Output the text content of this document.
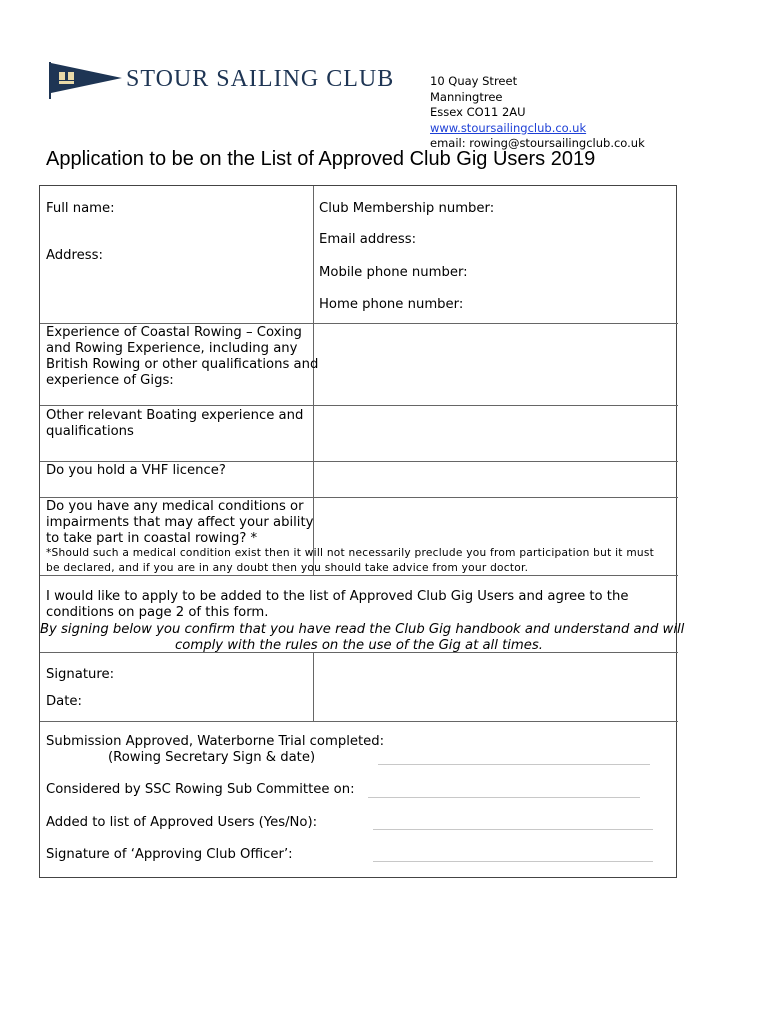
STOUR SAILING CLUB	10 Quay Street
Manningtree
Essex CO11 2AU
www.stoursailingclub.co.uk
email: rowing@stoursailingclub.co.uk
Application to be on the List of Approved Club Gig Users 2019
Full name:
Address:
Club Membership number:
Email address:
Mobile phone number:
Home phone number:
Experience of Coastal Rowing – Coxing
and Rowing Experience, including any
British Rowing or other qualifications and
experience of Gigs:
Other relevant Boating experience and
qualifications
Do you hold a VHF licence?
Do you have any medical conditions or
impairments that may affect your ability
to take part in coastal rowing? *
*Should such a medical condition exist then it will not necessarily preclude you from participation but it must
be declared, and if you are in any doubt then you should take advice from your doctor.
I would like to apply to be added to the list of Approved Club Gig Users and agree to the
conditions on page 2 of this form.
By signing below you confirm that you have read the Club Gig handbook and understand and will
comply with the rules on the use of the Gig at all times.
Signature:
Date:
Submission Approved, Waterborne Trial completed:
(Rowing Secretary Sign & date)
Considered by SSC Rowing Sub Committee on:
Added to list of Approved Users (Yes/No):
Signature of ‘Approving Club Officer’:
